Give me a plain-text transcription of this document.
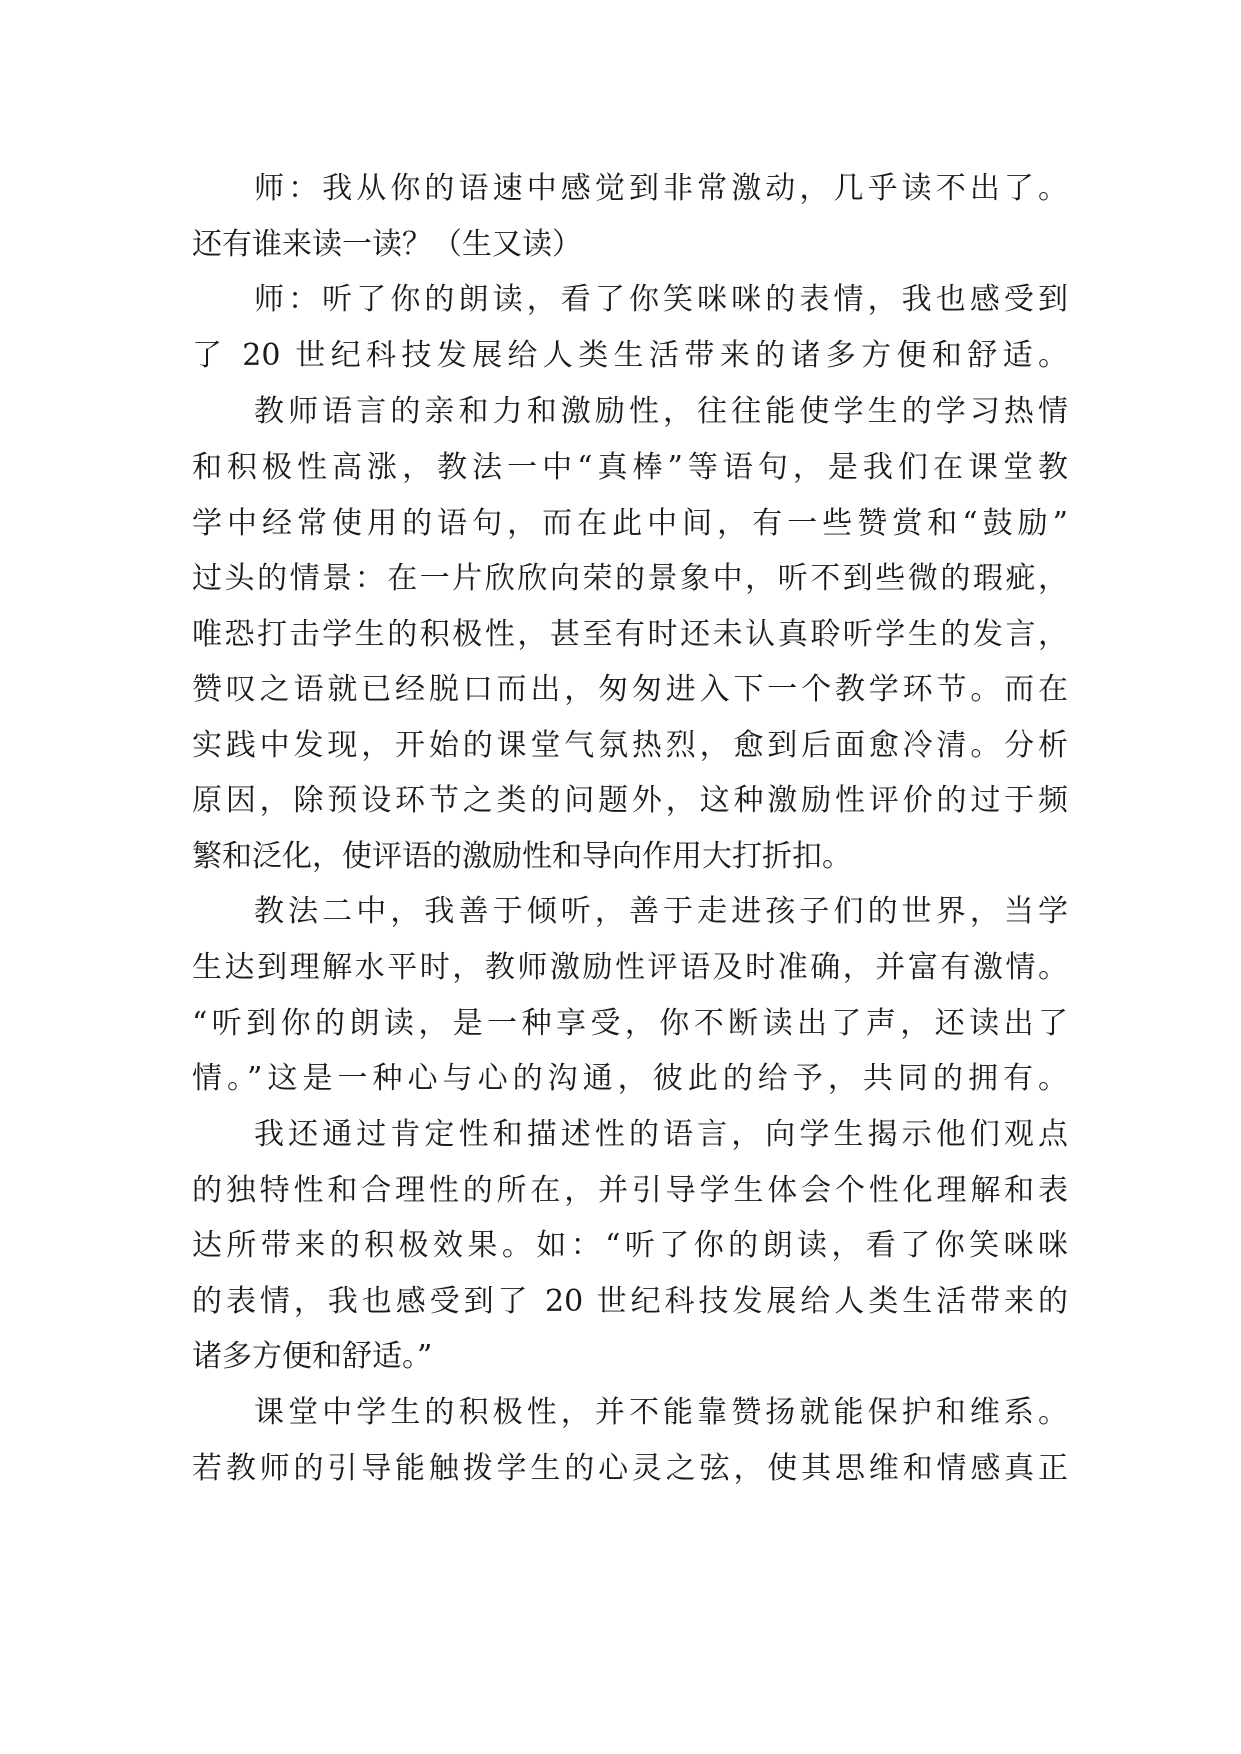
师：我从你的语速中感觉到非常激动，几乎读不出了。
还有谁来读一读？（生又读）
师：听了你的朗读，看了你笑咪咪的表情，我也感受到
了 20 世纪科技发展给人类生活带来的诸多方便和舒适。
教师语言的亲和力和激励性，往往能使学生的学习热情
和积极性高涨，教法一中“真棒”等语句，是我们在课堂教
学中经常使用的语句，而在此中间，有一些赞赏和“鼓励”
过头的情景：在一片欣欣向荣的景象中，听不到些微的瑕疵，
唯恐打击学生的积极性，甚至有时还未认真聆听学生的发言，
赞叹之语就已经脱口而出，匆匆进入下一个教学环节。而在
实践中发现，开始的课堂气氛热烈，愈到后面愈冷清。分析
原因，除预设环节之类的问题外，这种激励性评价的过于频
繁和泛化，使评语的激励性和导向作用大打折扣。
教法二中，我善于倾听，善于走进孩子们的世界，当学
生达到理解水平时，教师激励性评语及时准确，并富有激情。
“听到你的朗读，是一种享受，你不断读出了声，还读出了
情。”这是一种心与心的沟通，彼此的给予，共同的拥有。
我还通过肯定性和描述性的语言，向学生揭示他们观点
的独特性和合理性的所在，并引导学生体会个性化理解和表
达所带来的积极效果。如：“听了你的朗读，看了你笑咪咪
的表情，我也感受到了 20 世纪科技发展给人类生活带来的
诸多方便和舒适。”
课堂中学生的积极性，并不能靠赞扬就能保护和维系。
若教师的引导能触拨学生的心灵之弦，使其思维和情感真正
